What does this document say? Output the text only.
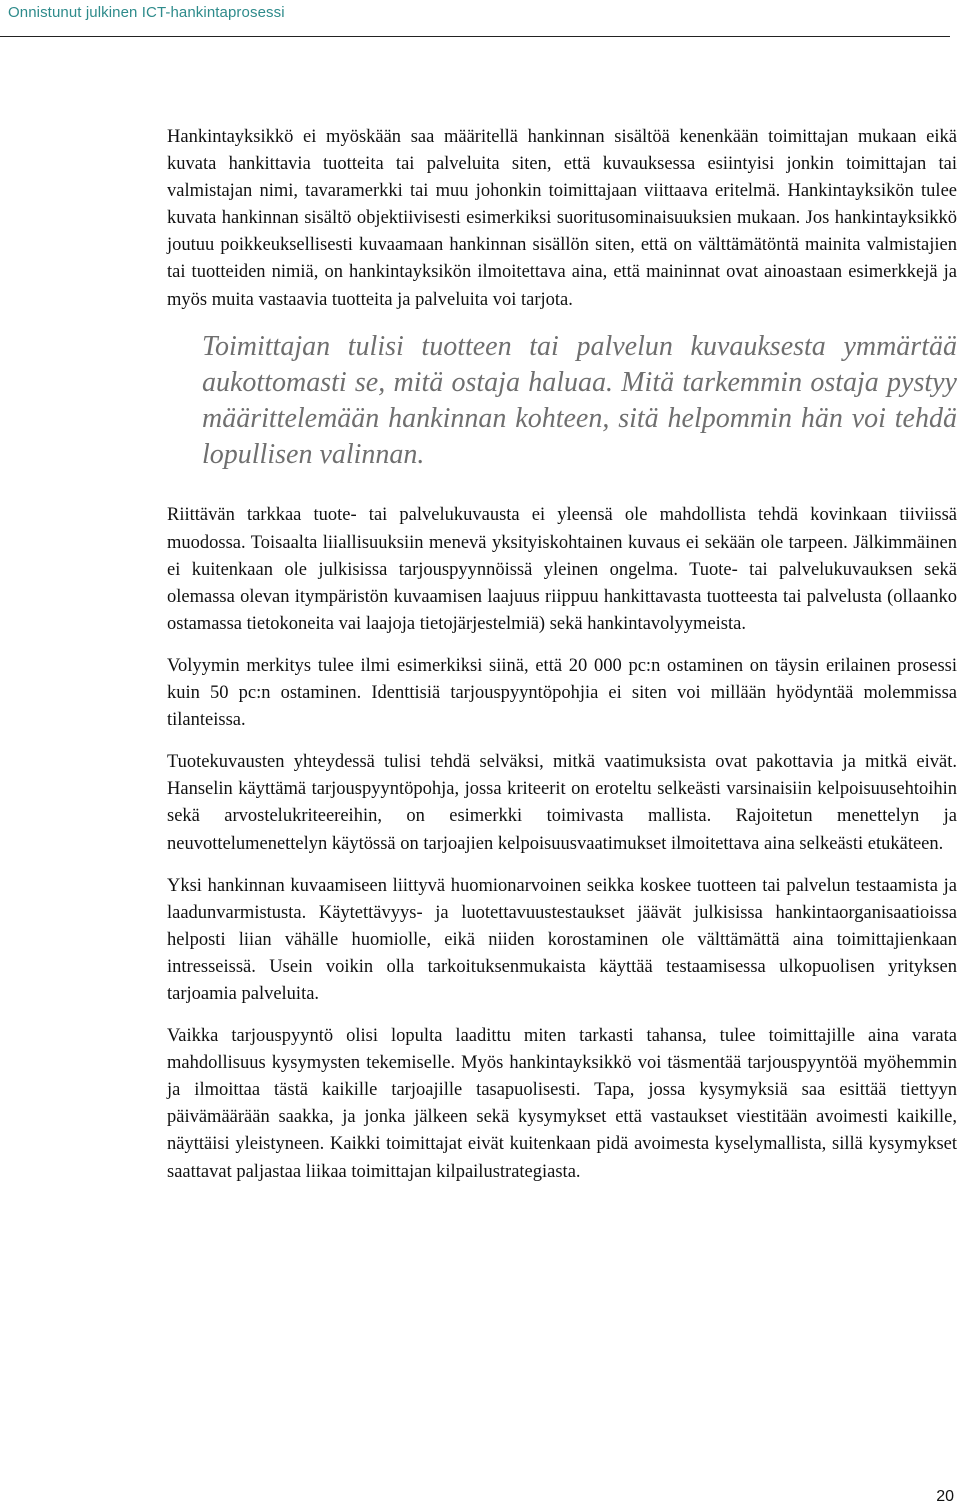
Onnistunut julkinen ICT-hankintaprosessi

Hankintayksikkö ei myöskään saa määritellä hankinnan sisältöä kenenkään toimittajan mukaan eikä kuvata hankittavia tuotteita tai palveluita siten, että kuvauksessa esiintyisi jonkin toimittajan tai valmistajan nimi, tavaramerkki tai muu johonkin toimittajaan viittaava eritelmä. Hankintayksikön tulee kuvata hankinnan sisältö objektiivisesti esimerkiksi suoritusominaisuuksien mukaan. Jos hankintayksikkö joutuu poikkeuksellisesti kuvaamaan hankinnan sisällön siten, että on välttämätöntä mainita valmistajien tai tuotteiden nimiä, on hankintayksikön ilmoitettava aina, että maininnat ovat ainoastaan esimerkkejä ja myös muita vastaavia tuotteita ja palveluita voi tarjota.

Toimittajan tulisi tuotteen tai palvelun kuvauksesta ymmärtää aukottomasti se, mitä ostaja haluaa. Mitä tarkemmin ostaja pystyy määrittelemään hankinnan kohteen, sitä helpommin hän voi tehdä lopullisen valinnan.

Riittävän tarkkaa tuote- tai palvelukuvausta ei yleensä ole mahdollista tehdä kovinkaan tiiviissä muodossa. Toisaalta liiallisuuksiin menevä yksityiskohtainen kuvaus ei sekään ole tarpeen. Jälkimmäinen ei kuitenkaan ole julkisissa tarjouspyynnöissä yleinen ongelma. Tuote- tai palvelukuvauksen sekä olemassa olevan itympäristön kuvaamisen laajuus riippuu hankittavasta tuotteesta tai palvelusta (ollaanko ostamassa tietokoneita vai laajoja tietojärjestelmiä) sekä hankintavolyymeista.

Volyymin merkitys tulee ilmi esimerkiksi siinä, että 20 000 pc:n ostaminen on täysin erilainen prosessi kuin 50 pc:n ostaminen. Identtisiä tarjouspyyntöpohjia ei siten voi millään hyödyntää molemmissa tilanteissa.

Tuotekuvausten yhteydessä tulisi tehdä selväksi, mitkä vaatimuksista ovat pakottavia ja mitkä eivät. Hanselin käyttämä tarjouspyyntöpohja, jossa kriteerit on eroteltu selkeästi varsinaisiin kelpoisuusehtoihin sekä arvostelukriteereihin, on esimerkki toimivasta mallista. Rajoitetun menettelyn ja neuvottelumenettelyn käytössä on tarjoajien kelpoisuusvaatimukset ilmoitettava aina selkeästi etukäteen.

Yksi hankinnan kuvaamiseen liittyvä huomionarvoinen seikka koskee tuotteen tai palvelun testaamista ja laadunvarmistusta. Käytettävyys- ja luotettavuustestaukset jäävät julkisissa hankintaorganisaatioissa helposti liian vähälle huomiolle, eikä niiden korostaminen ole välttämättä aina toimittajienkaan intresseissä. Usein voikin olla tarkoituksenmukaista käyttää testaamisessa ulkopuolisen yrityksen tarjoamia palveluita.

Vaikka tarjouspyyntö olisi lopulta laadittu miten tarkasti tahansa, tulee toimittajille aina varata mahdollisuus kysymysten tekemiselle. Myös hankintayksikkö voi täsmentää tarjouspyyntöä myöhemmin ja ilmoittaa tästä kaikille tarjoajille tasapuolisesti. Tapa, jossa kysymyksiä saa esittää tiettyyn päivämäärään saakka, ja jonka jälkeen sekä kysymykset että vastaukset viestitään avoimesti kaikille, näyttäisi yleistyneen. Kaikki toimittajat eivät kuitenkaan pidä avoimesta kyselymallista, sillä kysymykset saattavat paljastaa liikaa toimittajan kilpailustrategiasta.

20
